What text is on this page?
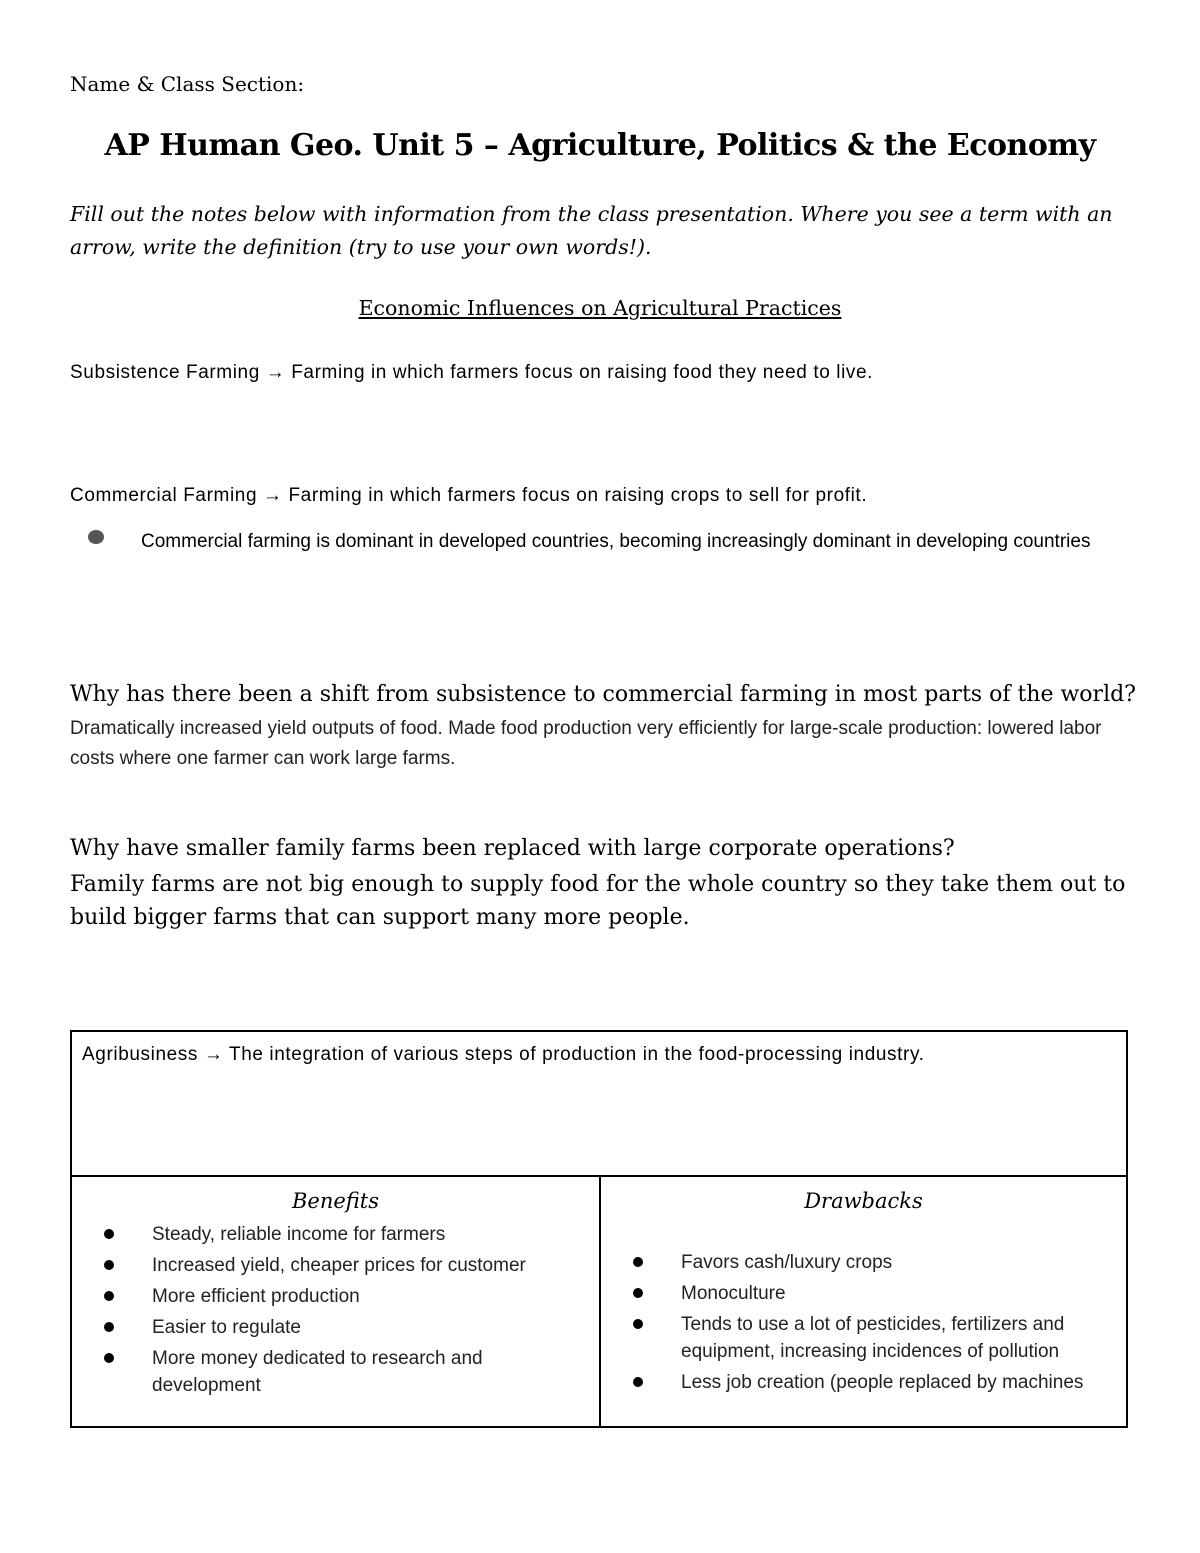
Name & Class Section:
AP Human Geo. Unit 5 – Agriculture, Politics & the Economy
Fill out the notes below with information from the class presentation. Where you see a term with an arrow, write the definition (try to use your own words!).
Economic Influences on Agricultural Practices
Subsistence Farming → Farming in which farmers focus on raising food they need to live.
Commercial Farming → Farming in which farmers focus on raising crops to sell for profit.
Commercial farming is dominant in developed countries, becoming increasingly dominant in developing countries
Why has there been a shift from subsistence to commercial farming in most parts of the world?
Dramatically increased yield outputs of food. Made food production very efficiently for large-scale production: lowered labor costs where one farmer can work large farms.
Why have smaller family farms been replaced with large corporate operations?
Family farms are not big enough to supply food for the whole country so they take them out to build bigger farms that can support many more people.
Agribusiness → The integration of various steps of production in the food-processing industry.
Benefits
Steady, reliable income for farmers
Increased yield, cheaper prices for customer
More efficient production
Easier to regulate
More money dedicated to research and development
Drawbacks
Favors cash/luxury crops
Monoculture
Tends to use a lot of pesticides, fertilizers and equipment, increasing incidences of pollution
Less job creation (people replaced by machines
